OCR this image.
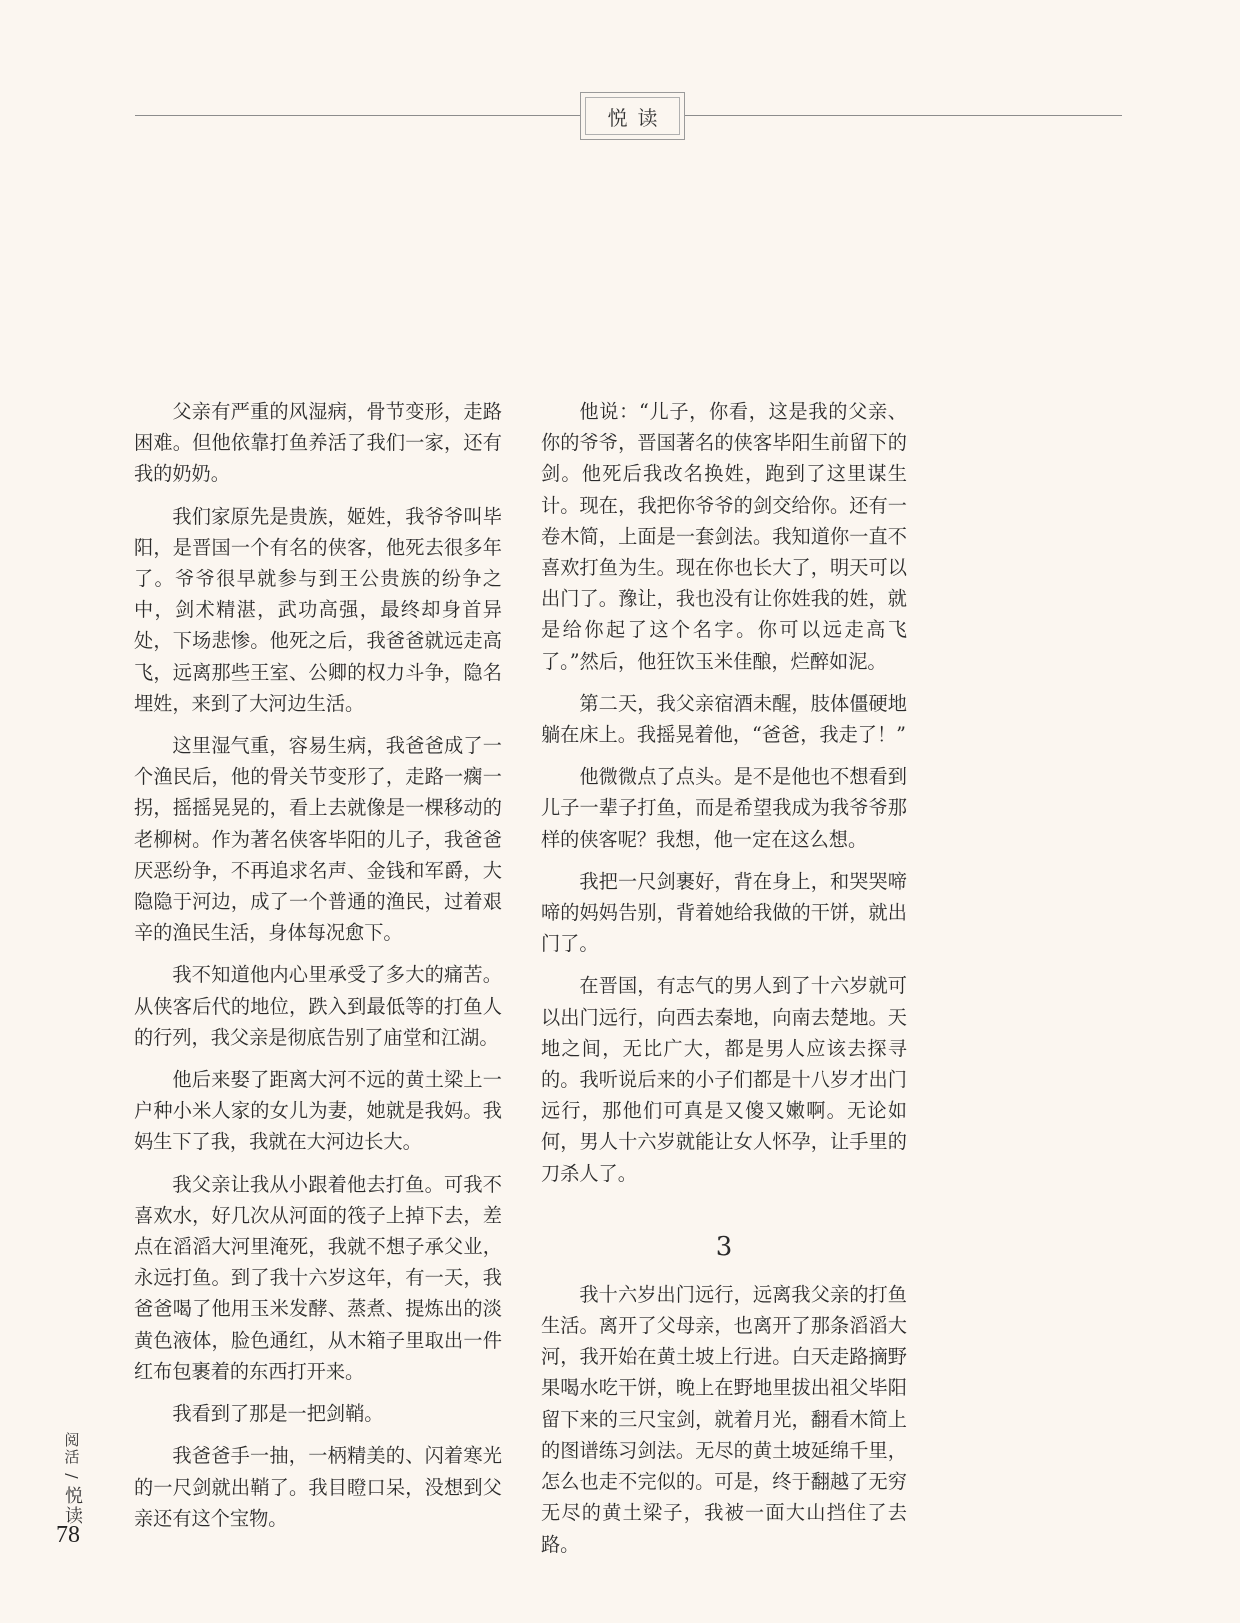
悦读

父亲有严重的风湿病，骨节变形，走路困难。但他依靠打鱼养活了我们一家，还有我的奶奶。

我们家原先是贵族，姬姓，我爷爷叫毕阳，是晋国一个有名的侠客，他死去很多年了。爷爷很早就参与到王公贵族的纷争之中，剑术精湛，武功高强，最终却身首异处，下场悲惨。他死之后，我爸爸就远走高飞，远离那些王室、公卿的权力斗争，隐名埋姓，来到了大河边生活。

这里湿气重，容易生病，我爸爸成了一个渔民后，他的骨关节变形了，走路一瘸一拐，摇摇晃晃的，看上去就像是一棵移动的老柳树。作为著名侠客毕阳的儿子，我爸爸厌恶纷争，不再追求名声、金钱和军爵，大隐隐于河边，成了一个普通的渔民，过着艰辛的渔民生活，身体每况愈下。

我不知道他内心里承受了多大的痛苦。从侠客后代的地位，跌入到最低等的打鱼人的行列，我父亲是彻底告别了庙堂和江湖。

他后来娶了距离大河不远的黄土梁上一户种小米人家的女儿为妻，她就是我妈。我妈生下了我，我就在大河边长大。

我父亲让我从小跟着他去打鱼。可我不喜欢水，好几次从河面的筏子上掉下去，差点在滔滔大河里淹死，我就不想子承父业，永远打鱼。到了我十六岁这年，有一天，我爸爸喝了他用玉米发酵、蒸煮、提炼出的淡黄色液体，脸色通红，从木箱子里取出一件红布包裹着的东西打开来。

我看到了那是一把剑鞘。

我爸爸手一抽，一柄精美的、闪着寒光的一尺剑就出鞘了。我目瞪口呆，没想到父亲还有这个宝物。

他说：“儿子，你看，这是我的父亲、你的爷爷，晋国著名的侠客毕阳生前留下的剑。他死后我改名换姓，跑到了这里谋生计。现在，我把你爷爷的剑交给你。还有一卷木简，上面是一套剑法。我知道你一直不喜欢打鱼为生。现在你也长大了，明天可以出门了。豫让，我也没有让你姓我的姓，就是给你起了这个名字。你可以远走高飞了。”然后，他狂饮玉米佳酿，烂醉如泥。

第二天，我父亲宿酒未醒，肢体僵硬地躺在床上。我摇晃着他，“爸爸，我走了！”

他微微点了点头。是不是他也不想看到儿子一辈子打鱼，而是希望我成为我爷爷那样的侠客呢？我想，他一定在这么想。

我把一尺剑裹好，背在身上，和哭哭啼啼的妈妈告别，背着她给我做的干饼，就出门了。

在晋国，有志气的男人到了十六岁就可以出门远行，向西去秦地，向南去楚地。天地之间，无比广大，都是男人应该去探寻的。我听说后来的小子们都是十八岁才出门远行，那他们可真是又傻又嫩啊。无论如何，男人十六岁就能让女人怀孕，让手里的刀杀人了。

3

我十六岁出门远行，远离我父亲的打鱼生活。离开了父母亲，也离开了那条滔滔大河，我开始在黄土坡上行进。白天走路摘野果喝水吃干饼，晚上在野地里拔出祖父毕阳留下来的三尺宝剑，就着月光，翻看木简上的图谱练习剑法。无尽的黄土坡延绵千里，怎么也走不完似的。可是，终于翻越了无穷无尽的黄土梁子，我被一面大山挡住了去路。

阅活
/
悦读
78
